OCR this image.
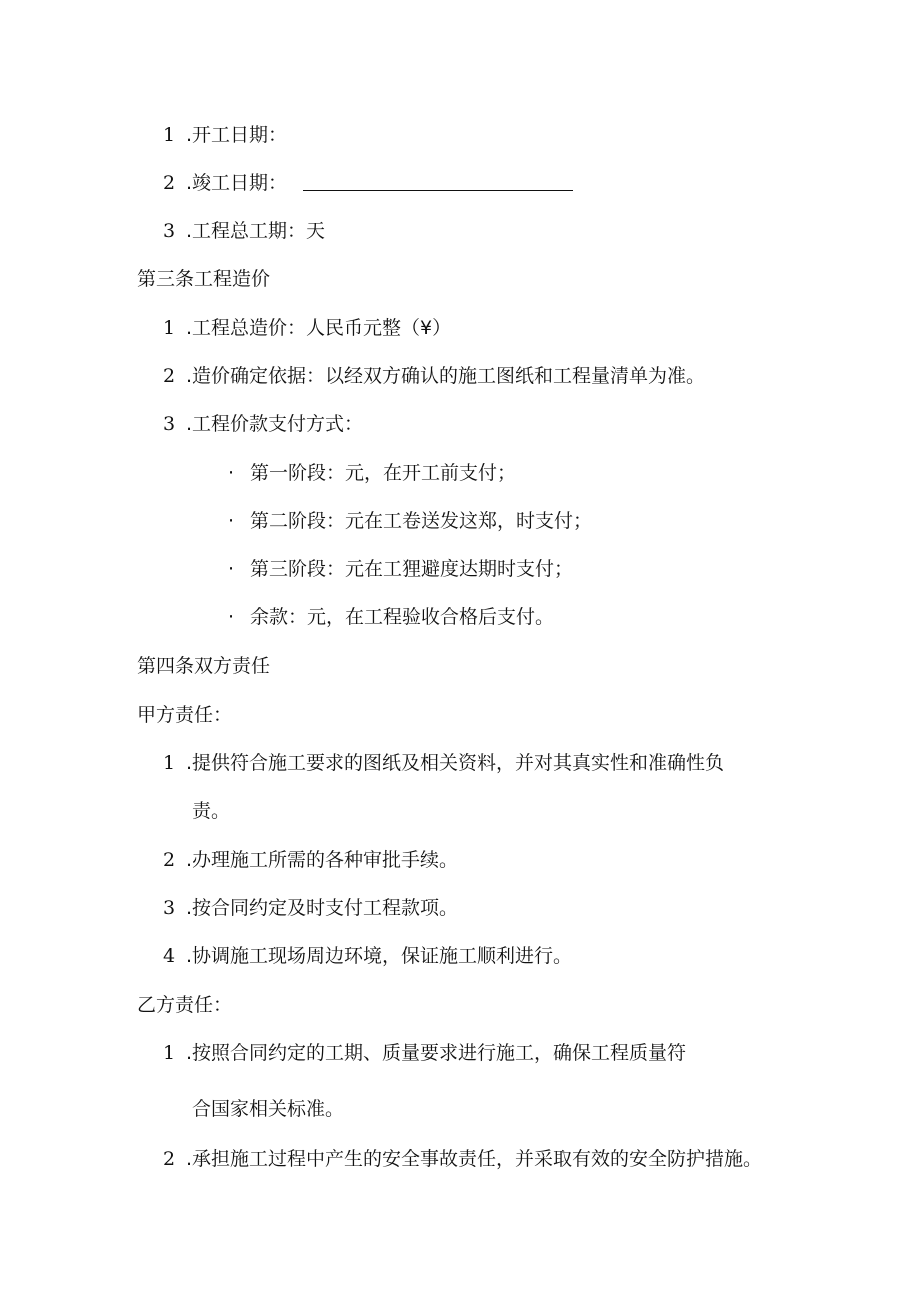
1 .开工日期：
2 .竣工日期：
3 .工程总工期：天
第三条工程造价
1 .工程总造价：人民币元整（¥）
2 .造价确定依据：以经双方确认的施工图纸和工程量清单为准。
3 .工程价款支付方式：
· 第一阶段：元，在开工前支付；
· 第二阶段：元在工卷送发这郑，时支付；
· 第三阶段：元在工狸避度达期时支付；
· 余款：元，在工程验收合格后支付。
第四条双方责任
甲方责任：
1 .提供符合施工要求的图纸及相关资料，并对其真实性和准确性负
责。
2 .办理施工所需的各种审批手续。
3 .按合同约定及时支付工程款项。
4 .协调施工现场周边环境，保证施工顺利进行。
乙方责任：
1 .按照合同约定的工期、质量要求进行施工，确保工程质量符
合国家相关标准。
2 .承担施工过程中产生的安全事故责任，并采取有效的安全防护措施。
